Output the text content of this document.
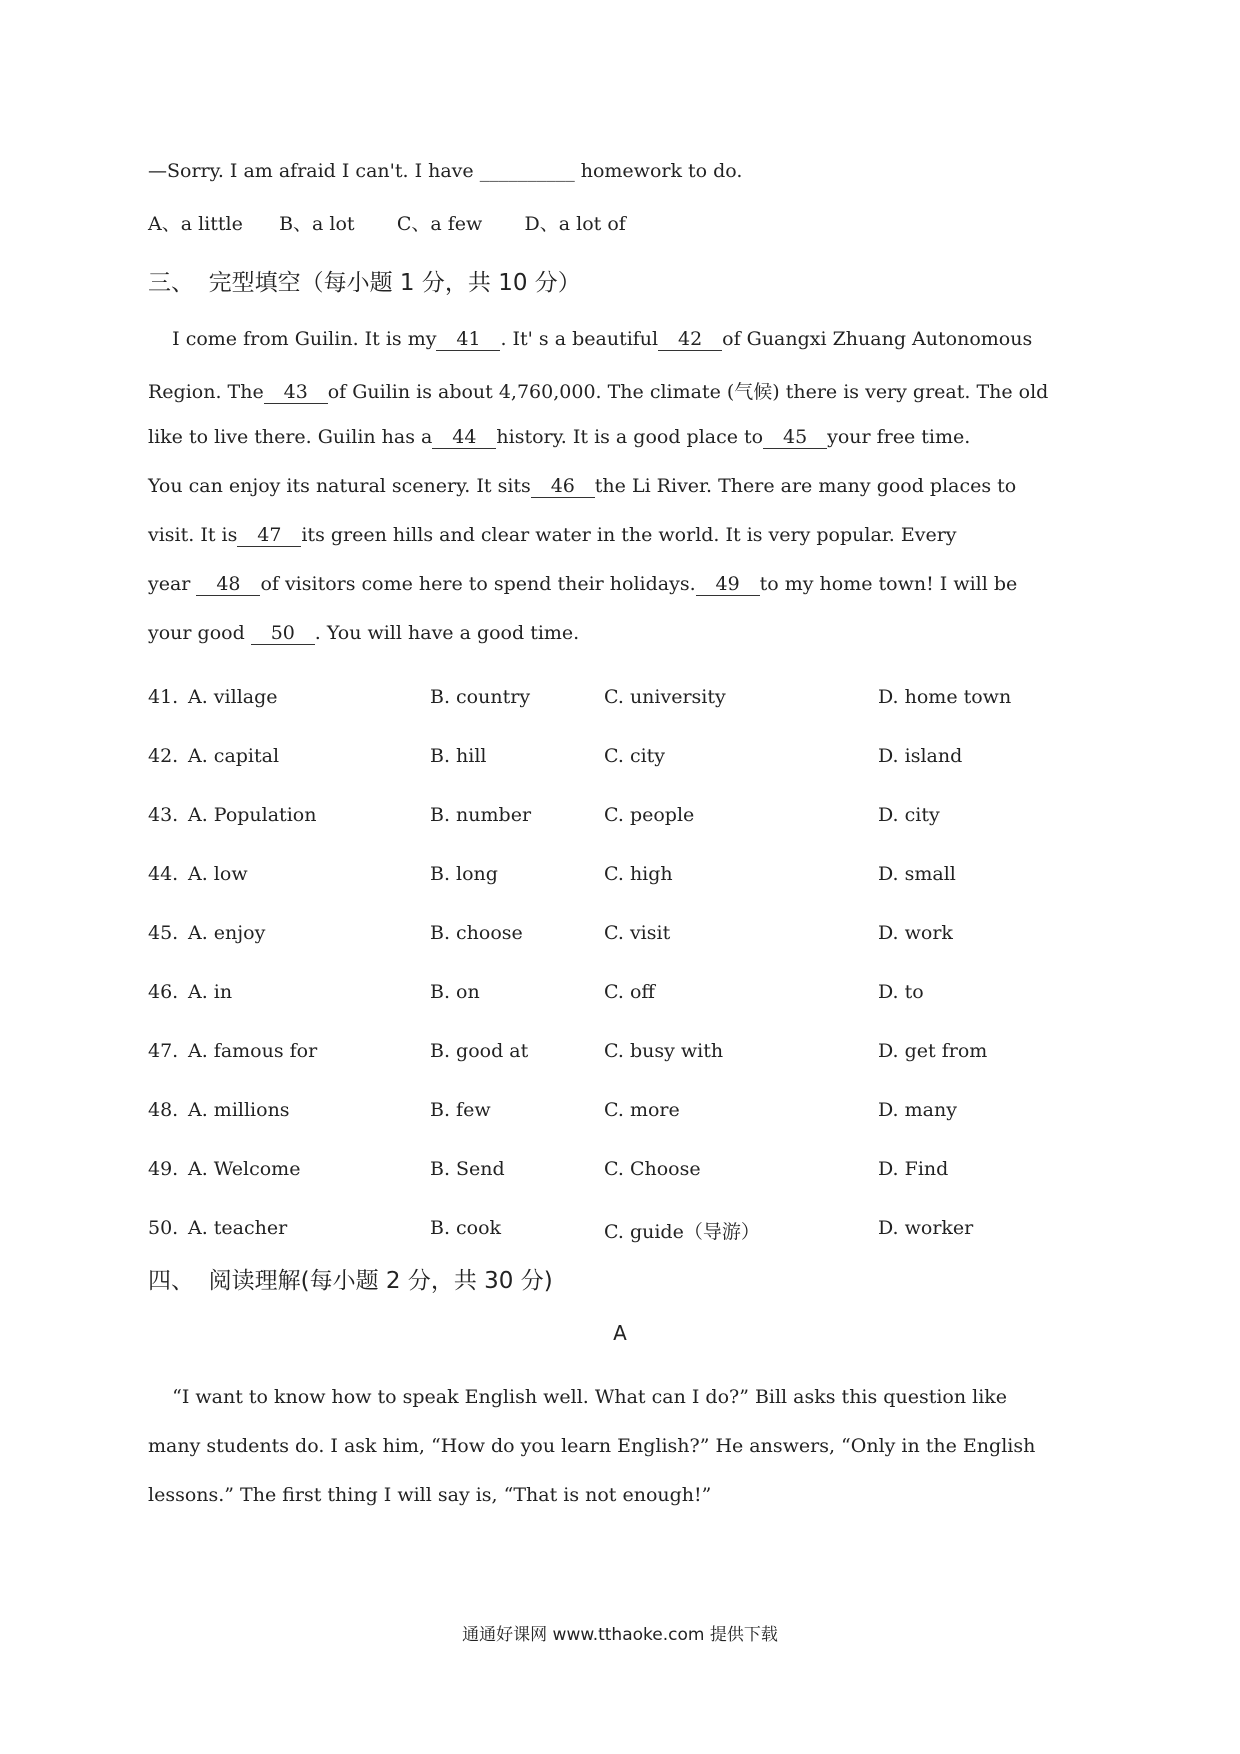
—Sorry. I am afraid I can't. I have __________ homework to do.
A、a little      B、a lot       C、a few       D、a lot of
三、  完型填空（每小题 1 分，共 10 分）
I come from Guilin. It is my 41 . It' s a beautiful 42 of Guangxi Zhuang Autonomous
Region. The 43 of Guilin is about 4,760,000. The climate (气候) there is very great. The old
like to live there. Guilin has a 44 history. It is a good place to 45 your free time.
You can enjoy its natural scenery. It sits 46 the Li River. There are many good places to
visit. It is 47 its green hills and clear water in the world. It is very popular. Every
year 48 of visitors come here to spend their holidays. 49 to my home town! I will be
your good 50 . You will have a good time.
41. A. village	B. country	C. university	D. home town
42. A. capital	B. hill	C. city	D. island
43. A. Population	B. number	C. people	D. city
44. A. low	B. long	C. high	D. small
45. A. enjoy	B. choose	C. visit	D. work
46. A. in	B. on	C. off	D. to
47. A. famous for	B. good at	C. busy with	D. get from
48. A. millions	B. few	C. more	D. many
49. A. Welcome	B. Send	C. Choose	D. Find
50. A. teacher	B. cook	C. guide（导游）	D. worker
四、  阅读理解(每小题 2 分，共 30 分)
A
“I want to know how to speak English well. What can I do?” Bill asks this question like
many students do. I ask him, “How do you learn English?” He answers, “Only in the English
lessons.” The first thing I will say is, “That is not enough!”
通通好课网 www.tthaoke.com 提供下载
